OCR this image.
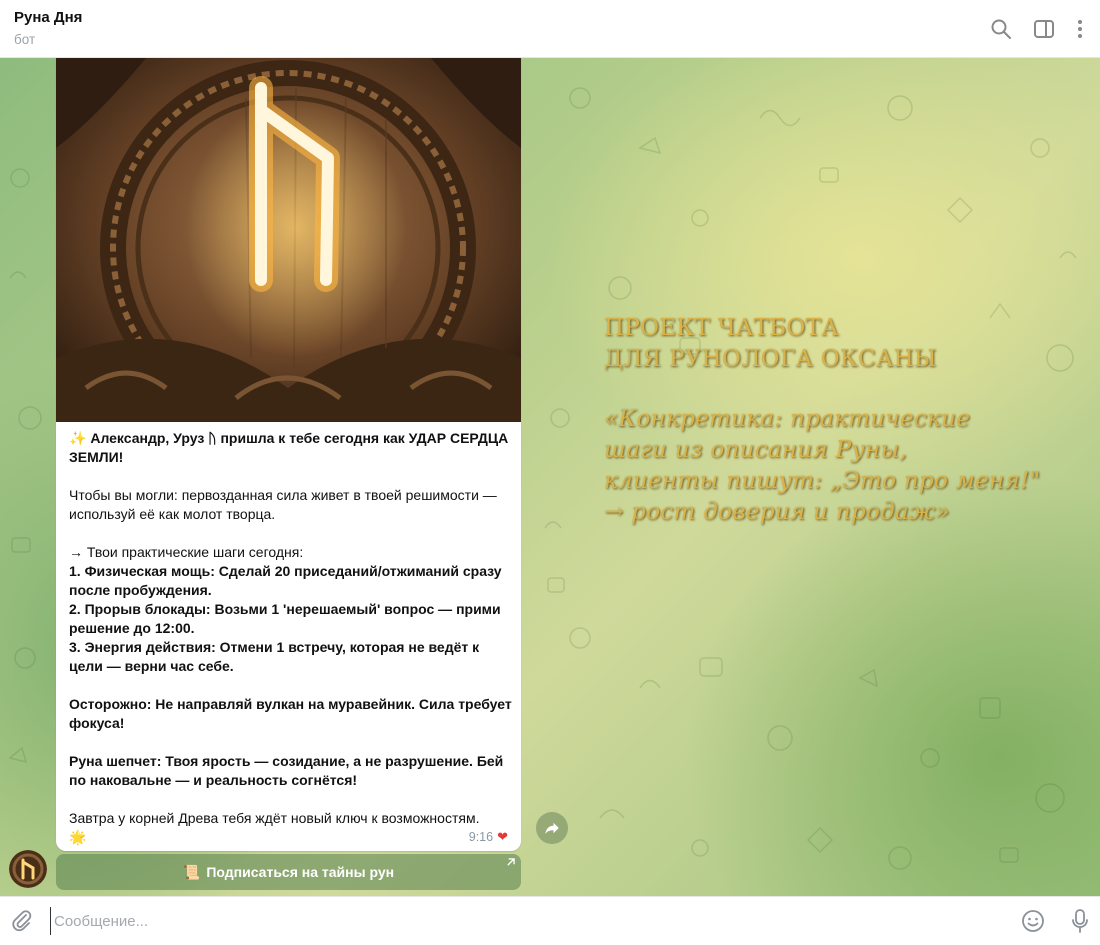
Руна Дня
бот

✨ Александр, Уруз ᚢ пришла к тебе сегодня как УДАР СЕРДЦА ЗЕМЛИ!

Чтобы вы могли: первозданная сила живет в твоей решимости — используй её как молот творца.

→ Твои практические шаги сегодня:
1. Физическая мощь: Сделай 20 приседаний/отжиманий сразу после пробуждения.
2. Прорыв блокады: Возьми 1 'нерешаемый' вопрос — прими решение до 12:00.
3. Энергия действия: Отмени 1 встречу, которая не ведёт к цели — верни час себе.

Осторожно: Не направляй вулкан на муравейник. Сила требует фокуса!

Руна шепчет: Твоя ярость — созидание, а не разрушение. Бей по наковальне — и реальность согнётся!

Завтра у корней Древа тебя ждёт новый ключ к возможностям.
🌟	9:16 ❤
📜 Подписаться на тайны рун
ПРОЕКТ ЧАТБОТА
ДЛЯ РУНОЛОГА ОКСАНЫ
«Конкретика: практические
шаги из описания Руны,
клиенты пишут: „Это про меня!"
→ рост доверия и продаж»
Сообщение...
